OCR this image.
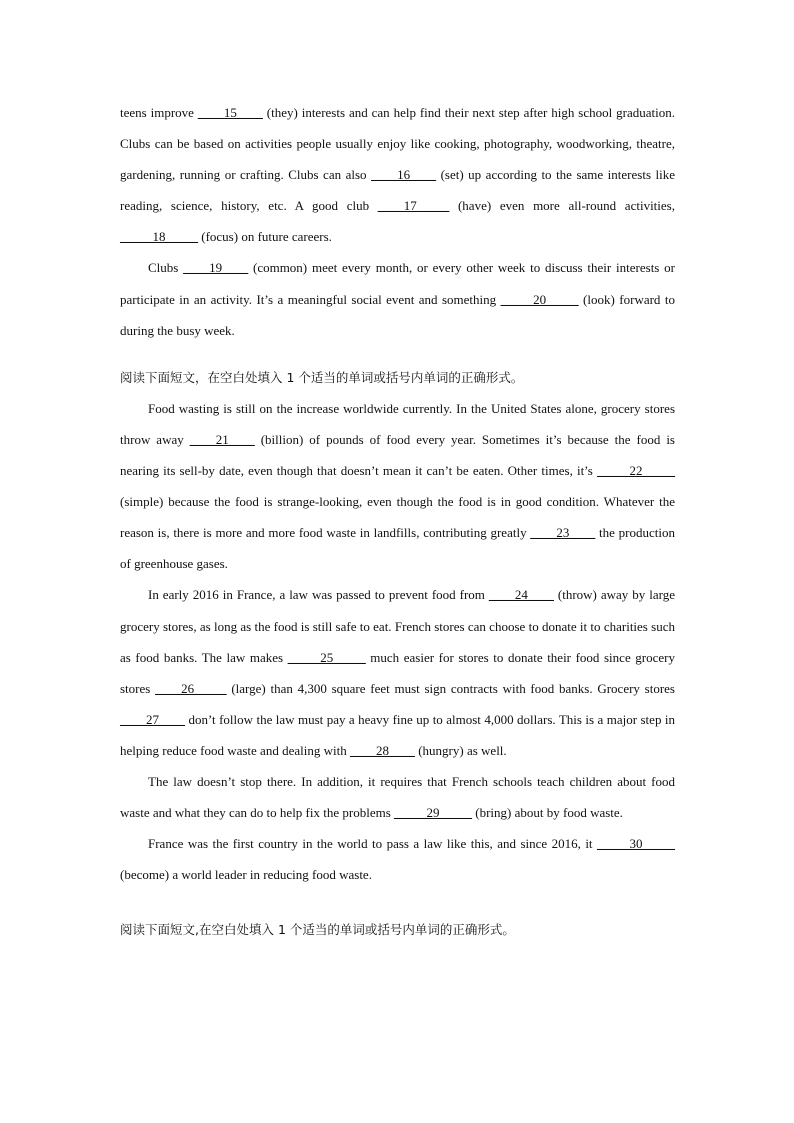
teens improve ____15____ (they) interests and can help find their next step after high school graduation. Clubs can be based on activities people usually enjoy like cooking, photography, woodworking, theatre, gardening, running or crafting. Clubs can also ____16____ (set) up according to the same interests like reading, science, history, etc. A good club ____17_____ (have) even more all-round activities, _____18_____ (focus) on future careers.

Clubs ____19____ (common) meet every month, or every other week to discuss their interests or participate in an activity. It’s a meaningful social event and something _____20_____ (look) forward to during the busy week.

阅读下面短文，在空白处填入 1 个适当的单词或括号内单词的正确形式。

Food wasting is still on the increase worldwide currently. In the United States alone, grocery stores throw away ____21____ (billion) of pounds of food every year. Sometimes it’s because the food is nearing its sell-by date, even though that doesn’t mean it can’t be eaten. Other times, it’s _____22_____ (simple) because the food is strange-looking, even though the food is in good condition. Whatever the reason is, there is more and more food waste in landfills, contributing greatly ____23____ the production of greenhouse gases.

In early 2016 in France, a law was passed to prevent food from ____24____ (throw) away by large grocery stores, as long as the food is still safe to eat. French stores can choose to donate it to charities such as food banks. The law makes _____25_____ much easier for stores to donate their food since grocery stores ____26_____ (large) than 4,300 square feet must sign contracts with food banks. Grocery stores ____27____ don’t follow the law must pay a heavy fine up to almost 4,000 dollars. This is a major step in helping reduce food waste and dealing with ____28____ (hungry) as well.

The law doesn’t stop there. In addition, it requires that French schools teach children about food waste and what they can do to help fix the problems _____29_____ (bring) about by food waste.

France was the first country in the world to pass a law like this, and since 2016, it _____30_____ (become) a world leader in reducing food waste.

阅读下面短文,在空白处填入 1 个适当的单词或括号内单词的正确形式。
